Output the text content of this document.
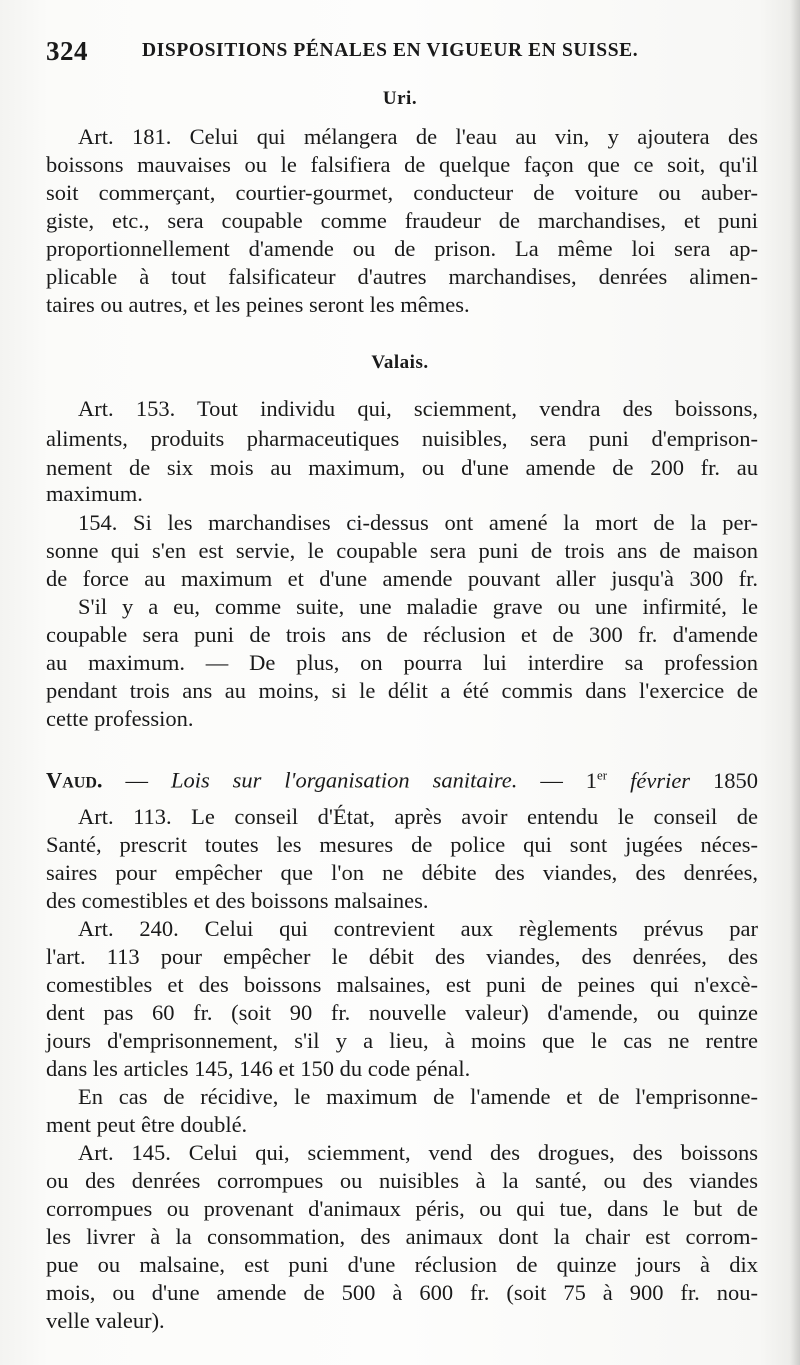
324	DISPOSITIONS PÉNALES EN VIGUEUR EN SUISSE.
Uri.
Art. 181. Celui qui mélangera de l'eau au vin, y ajoutera des
boissons mauvaises ou le falsifiera de quelque façon que ce soit, qu'il
soit commerçant, courtier-gourmet, conducteur de voiture ou auber-
giste, etc., sera coupable comme fraudeur de marchandises, et puni
proportionnellement d'amende ou de prison. La même loi sera ap-
plicable à tout falsificateur d'autres marchandises, denrées alimen-
taires ou autres, et les peines seront les mêmes.
Valais.
Art. 153. Tout individu qui, sciemment, vendra des boissons,
aliments, produits pharmaceutiques nuisibles, sera puni d'emprison-
nement de six mois au maximum, ou d'une amende de 200 fr. au
maximum.
154. Si les marchandises ci-dessus ont amené la mort de la per-
sonne qui s'en est servie, le coupable sera puni de trois ans de maison
de force au maximum et d'une amende pouvant aller jusqu'à 300 fr.
S'il y a eu, comme suite, une maladie grave ou une infirmité, le
coupable sera puni de trois ans de réclusion et de 300 fr. d'amende
au maximum. — De plus, on pourra lui interdire sa profession
pendant trois ans au moins, si le délit a été commis dans l'exercice de
cette profession.
Vaud. — Lois sur l'organisation sanitaire. — 1er février 1850
Art. 113. Le conseil d'État, après avoir entendu le conseil de
Santé, prescrit toutes les mesures de police qui sont jugées néces-
saires pour empêcher que l'on ne débite des viandes, des denrées,
des comestibles et des boissons malsaines.
Art. 240. Celui qui contrevient aux règlements prévus par
l'art. 113 pour empêcher le débit des viandes, des denrées, des
comestibles et des boissons malsaines, est puni de peines qui n'excè-
dent pas 60 fr. (soit 90 fr. nouvelle valeur) d'amende, ou quinze
jours d'emprisonnement, s'il y a lieu, à moins que le cas ne rentre
dans les articles 145, 146 et 150 du code pénal.
En cas de récidive, le maximum de l'amende et de l'emprisonne-
ment peut être doublé.
Art. 145. Celui qui, sciemment, vend des drogues, des boissons
ou des denrées corrompues ou nuisibles à la santé, ou des viandes
corrompues ou provenant d'animaux péris, ou qui tue, dans le but de
les livrer à la consommation, des animaux dont la chair est corrom-
pue ou malsaine, est puni d'une réclusion de quinze jours à dix
mois, ou d'une amende de 500 à 600 fr. (soit 75 à 900 fr. nou-
velle valeur).
